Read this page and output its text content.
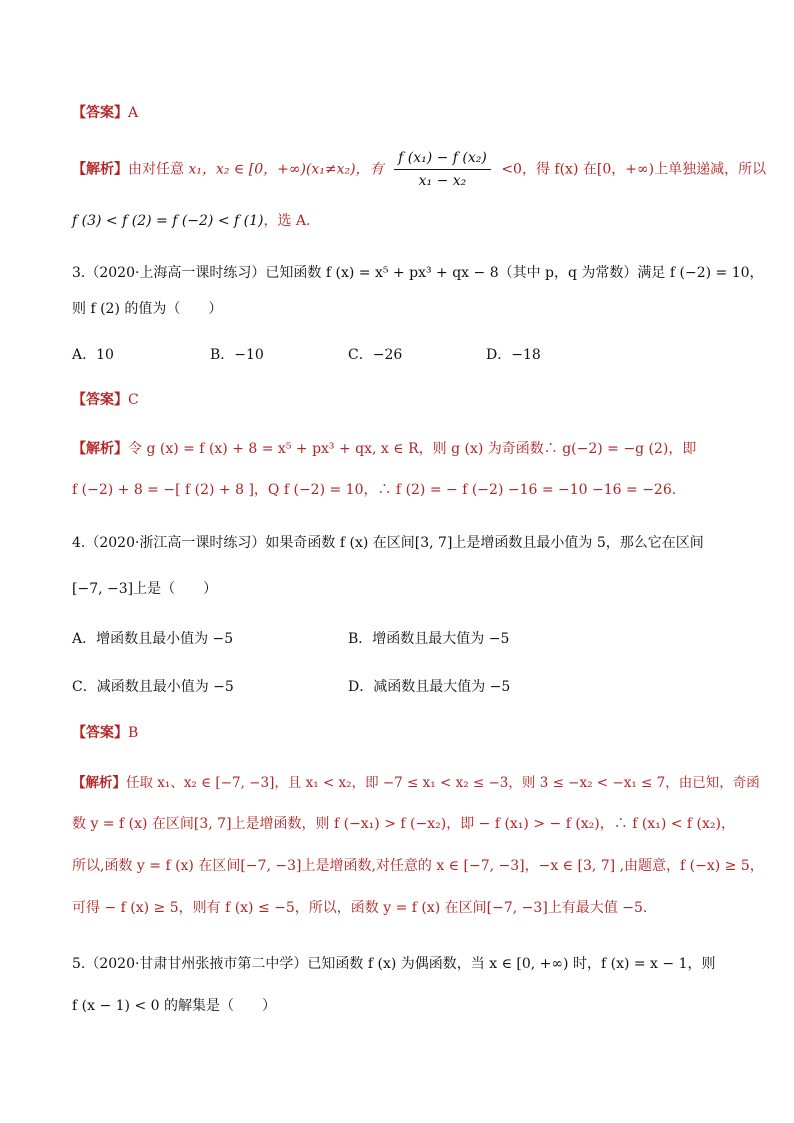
【答案】A
【解析】由对任意 x₁，x₂ ∈ [0，+∞)(x₁≠x₂)，有 $\frac{\text{f (x₁) − f (x₂)}}{\text{x₁ − x₂}} <0$，得 f(x) 在[0，+∞)上单独递减，所以
f (3) < f (2) = f (−2) < f (1)，选 A.
3.（2020·上海高一课时练习）已知函数 f (x) = x⁵ + px³ + qx − 8（其中 p，q 为常数）满足 f (−2) = 10，
则 f (2) 的值为（　　）
A．10	B．−10	C．−26	D．−18
【答案】C
【解析】令 g (x) = f (x) + 8 = x⁵ + px³ + qx, x ∈ R，则 g (x) 为奇函数∴ g(−2) = −g (2)，即
f (−2) + 8 = −[ f (2) + 8 ]，Q f (−2) = 10，∴ f (2) = − f (−2) −16 = −10 −16 = −26.
4.（2020·浙江高一课时练习）如果奇函数 f (x) 在区间[3, 7]上是增函数且最小值为 5，那么它在区间
[−7, −3]上是（　　）
A．增函数且最小值为 −5	B．增函数且最大值为 −5
C．减函数且最小值为 −5	D．减函数且最大值为 −5
【答案】B
【解析】任取 x₁、x₂ ∈ [−7, −3]，且 x₁ < x₂，即 −7 ≤ x₁ < x₂ ≤ −3，则 3 ≤ −x₂ < −x₁ ≤ 7，由已知，奇函
数 y = f (x) 在区间[3, 7]上是增函数，则 f (−x₁) > f (−x₂)，即 − f (x₁) > − f (x₂)，∴ f (x₁) < f (x₂)，
所以,函数 y = f (x) 在区间[−7, −3]上是增函数,对任意的 x ∈ [−7, −3]，−x ∈ [3, 7] ,由题意，f (−x) ≥ 5，
可得 − f (x) ≥ 5，则有 f (x) ≤ −5，所以，函数 y = f (x) 在区间[−7, −3]上有最大值 −5.
5.（2020·甘肃甘州张掖市第二中学）已知函数 f (x) 为偶函数，当 x ∈ [0, +∞) 时，f (x) = x − 1，则
f (x − 1) < 0 的解集是（　　）
